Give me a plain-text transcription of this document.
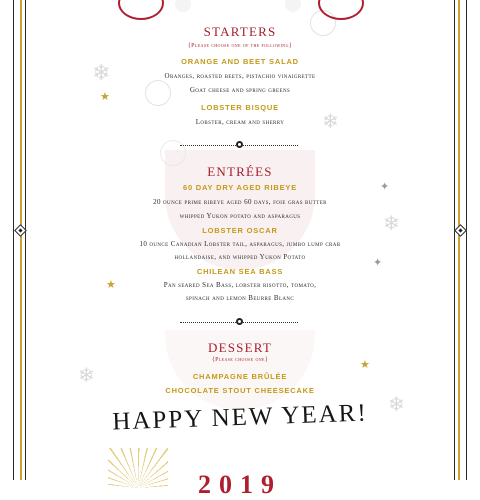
❄
❄
❄
❄
❄
★
★
★
✦
✦
STARTERS
{Please choose one of the following}
ORANGE AND BEET SALAD
Oranges, roasted beets, pistachio vinaigrette
Goat cheese and spring greens
LOBSTER BISQUE
Lobster, cream and sherry
ENTRÉES
60 DAY DRY AGED RIBEYE
20 ounce prime ribeye aged 60 days, foie gras butter
whipped Yukon potato and asparagus
LOBSTER OSCAR
10 ounce Canadian Lobster tail, asparagus, jumbo lump crab
hollandaise, and whipped Yukon Potato
CHILEAN SEA BASS
Pan seared Sea Bass, lobster risotto, tomato,
spinach and lemon Beurre Blanc
DESSERT
{Please choose one}
CHAMPAGNE BRÛLÉE
CHOCOLATE STOUT CHEESECAKE
HAPPY NEW YEAR!
2019
